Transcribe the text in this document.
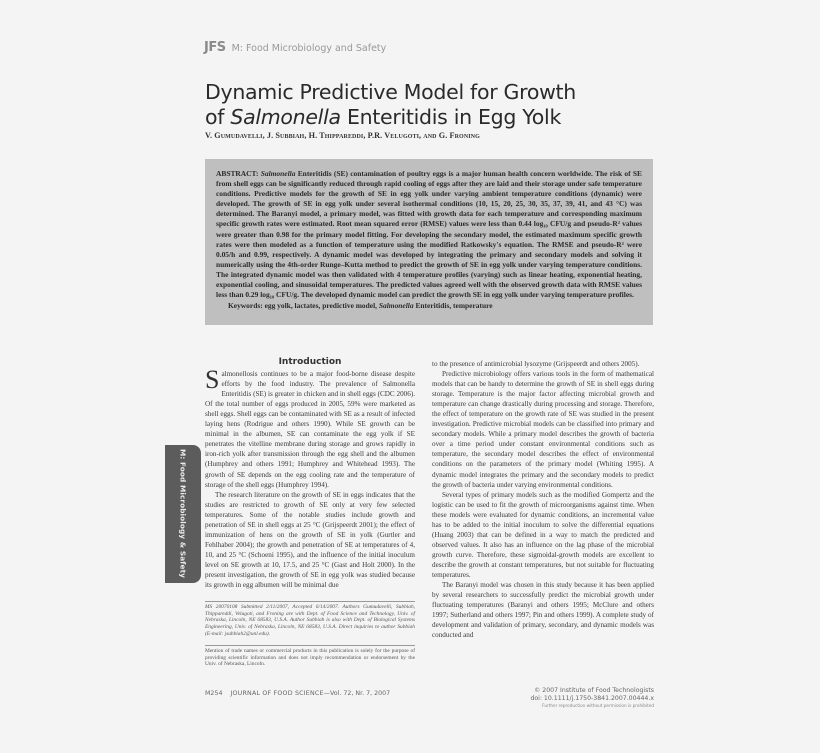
JFS M: Food Microbiology and Safety
Dynamic Predictive Model for Growth
of Salmonella Enteritidis in Egg Yolk
V. Gumudavelli, J. Subbiah, H. Thippareddi, P.R. Velugoti, and G. Froning

ABSTRACT: Salmonella Enteritidis (SE) contamination of poultry eggs is a major human health concern worldwide. The risk of SE from shell eggs can be significantly reduced through rapid cooling of eggs after they are laid and their storage under safe temperature conditions. Predictive models for the growth of SE in egg yolk under varying ambient temperature conditions (dynamic) were developed. The growth of SE in egg yolk under several isothermal conditions (10, 15, 20, 25, 30, 35, 37, 39, 41, and 43 °C) was determined. The Baranyi model, a primary model, was fitted with growth data for each temperature and corresponding maximum specific growth rates were estimated. Root mean squared error (RMSE) values were less than 0.44 log₁₀ CFU/g and pseudo-R² values were greater than 0.98 for the primary model fitting. For developing the secondary model, the estimated maximum specific growth rates were then modeled as a function of temperature using the modified Ratkowsky's equation. The RMSE and pseudo-R² were 0.05/h and 0.99, respectively. A dynamic model was developed by integrating the primary and secondary models and solving it numerically using the 4th-order Runge–Kutta method to predict the growth of SE in egg yolk under varying temperature conditions. The integrated dynamic model was then validated with 4 temperature profiles (varying) such as linear heating, exponential heating, exponential cooling, and sinusoidal temperatures. The predicted values agreed well with the observed growth data with RMSE values less than 0.29 log₁₀ CFU/g. The developed dynamic model can predict the growth SE in egg yolk under varying temperature profiles.

Keywords: egg yolk, lactates, predictive model, Salmonella Enteritidis, temperature
M: Food Microbiology & Safety
Introduction

Salmonellosis continues to be a major food-borne disease despite efforts by the food industry. The prevalence of Salmonella Enteritidis (SE) is greater in chicken and in shell eggs (CDC 2006). Of the total number of eggs produced in 2005, 59% were marketed as shell eggs. Shell eggs can be contaminated with SE as a result of infected laying hens (Rodrigue and others 1990). While SE growth can be minimal in the albumen, SE can contaminate the egg yolk if SE penetrates the vitelline membrane during storage and grows rapidly in iron-rich yolk after transmission through the egg shell and the albumen (Humphrey and others 1991; Humphrey and Whitehead 1993). The growth of SE depends on the egg cooling rate and the temperature of storage of the shell eggs (Humphrey 1994).

The research literature on the growth of SE in eggs indicates that the studies are restricted to growth of SE only at very few selected temperatures. Some of the notable studies include growth and penetration of SE in shell eggs at 25 °C (Grijspeerdt 2001); the effect of immunization of hens on the growth of SE in yolk (Gurtler and Fehlhaber 2004); the growth and penetration of SE at temperatures of 4, 10, and 25 °C (Schoeni 1995), and the influence of the initial inoculum level on SE growth at 10, 17.5, and 25 °C (Gast and Holt 2000). In the present investigation, the growth of SE in egg yolk was studied because its growth in egg albumen will be minimal due

MS 20070108 Submitted 2/11/2007, Accepted 6/14/2007. Authors Gumudavelli, Subbiah, Thippareddi, Velugoti, and Froning are with Dept. of Food Science and Technology, Univ. of Nebraska, Lincoln, NE 68583, U.S.A. Author Subbiah is also with Dept. of Biological Systems Engineering, Univ. of Nebraska, Lincoln, NE 68583, U.S.A. Direct inquiries to author Subbiah (E-mail: jsubbiah2@unl.edu).

Mention of trade names or commercial products in this publication is solely for the purpose of providing scientific information and does not imply recommendation or endorsement by the Univ. of Nebraska, Lincoln.

to the presence of antimicrobial lysozyme (Grijspeerdt and others 2005).

Predictive microbiology offers various tools in the form of mathematical models that can be handy to determine the growth of SE in shell eggs during storage. Temperature is the major factor affecting microbial growth and temperature can change drastically during processing and storage. Therefore, the effect of temperature on the growth rate of SE was studied in the present investigation. Predictive microbial models can be classified into primary and secondary models. While a primary model describes the growth of bacteria over a time period under constant environmental conditions such as temperature, the secondary model describes the effect of environmental conditions on the parameters of the primary model (Whiting 1995). A dynamic model integrates the primary and the secondary models to predict the growth of bacteria under varying environmental conditions.

Several types of primary models such as the modified Gompertz and the logistic can be used to fit the growth of microorganisms against time. When these models were evaluated for dynamic conditions, an incremental value has to be added to the initial inoculum to solve the differential equations (Huang 2003) that can be defined in a way to match the predicted and observed values. It also has an influence on the lag phase of the microbial growth curve. Therefore, these sigmoidal-growth models are excellent to describe the growth at constant temperatures, but not suitable for fluctuating temperatures.

The Baranyi model was chosen in this study because it has been applied by several researchers to successfully predict the microbial growth under fluctuating temperatures (Baranyi and others 1995; McClure and others 1997; Sutherland and others 1997; Pin and others 1999). A complete study of development and validation of primary, secondary, and dynamic models was conducted and

M254 JOURNAL OF FOOD SCIENCE—Vol. 72, Nr. 7, 2007	© 2007 Institute of Food Technologists
doi: 10.1111/j.1750-3841.2007.00444.x
Further reproduction without permission is prohibited
